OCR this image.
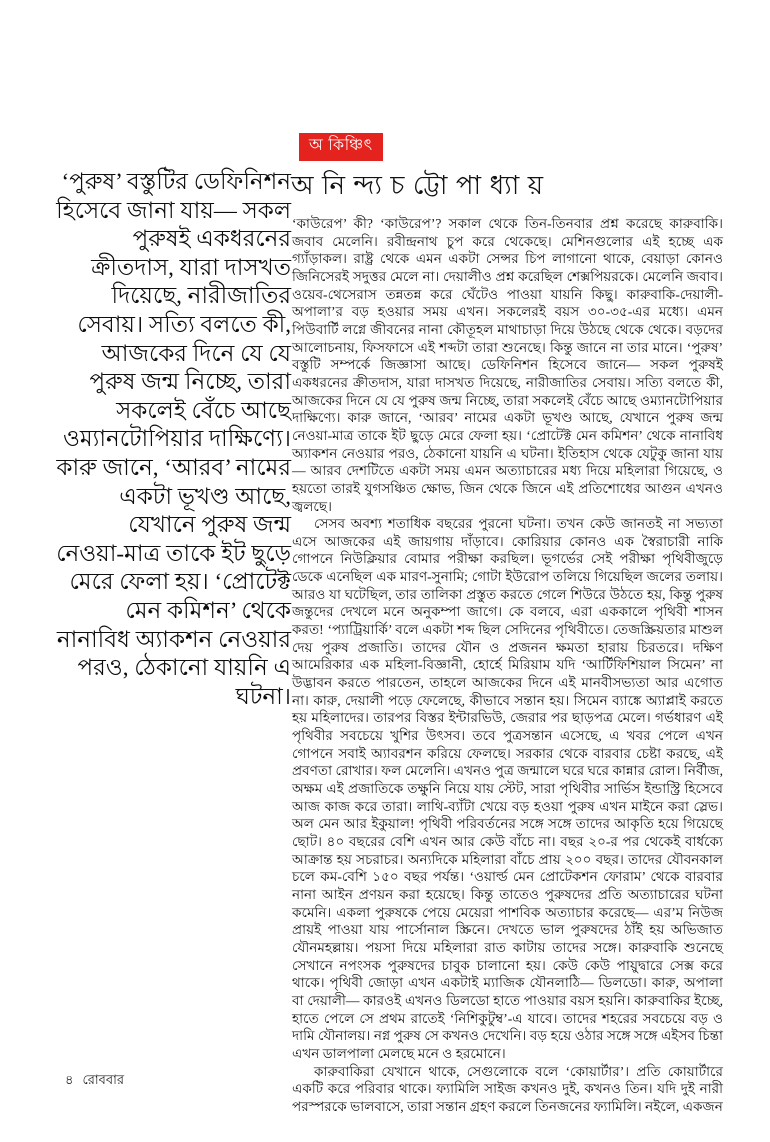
অ কিঞ্চিৎ
অ নি ন্দ্য চ ট্টো পা ধ্যা য়
‘পুরুষ’ বস্তুটির ডেফিনিশন হিসেবে জানা যায়— সকল পুরুষই একধরনের ক্রীতদাস, যারা দাসখত দিয়েছে, নারীজাতির সেবায়। সত্যি বলতে কী, আজকের দিনে যে যে পুরুষ জন্ম নিচ্ছে, তারা সকলেই বেঁচে আছে ওম্যানটোপিয়ার দাক্ষিণ্যে। কারু জানে, ‘আরব’ নামের একটা ভূখণ্ড আছে, যেখানে পুরুষ জন্ম নেওয়া-মাত্র তাকে ইট ছুড়ে মেরে ফেলা হয়। ‘প্রোটেক্ট মেন কমিশন’ থেকে নানাবিধ অ্যাকশন নেওয়ার পরও, ঠেকানো যায়নি এ ঘটনা।

‘কাউরেপ’ কী? ‘কাউরেপ’? সকাল থেকে তিন-তিনবার প্রশ্ন করেছে কারুবাকি। জবাব মেলেনি। রবীন্দ্রনাথ চুপ করে থেকেছে। মেশিনগুলোর এই হচ্ছে এক গ্যাঁড়াকল। রাষ্ট্র থেকে এমন একটা সেন্সর চিপ লাগানো থাকে, বেয়াড়া কোনও জিনিসেরই সদুত্তর মেলে না। দেয়ালীও প্রশ্ন করেছিল শেক্সপিয়রকে। মেলেনি জবাব। ওয়েব-থেসেরাস তন্নতন্ন করে ঘেঁটেও পাওয়া যায়নি কিছু। কারুবাকি-দেয়ালী-অপালা’র বড় হওয়ার সময় এখন। সকলেরই বয়স ৩০-৩৫-এর মধ্যে। এমন পিউবার্টি লগ্নে জীবনের নানা কৌতূহল মাথাচাড়া দিয়ে উঠছে থেকে থেকে। বড়দের আলোচনায়, ফিসফাসে এই শব্দটা তারা শুনেছে। কিন্তু জানে না তার মানে। ‘পুরুষ’ বস্তুটি সম্পর্কে জিজ্ঞাসা আছে। ডেফিনিশন হিসেবে জানে— সকল পুরুষই একধরনের ক্রীতদাস, যারা দাসখত দিয়েছে, নারীজাতির সেবায়। সত্যি বলতে কী, আজকের দিনে যে যে পুরুষ জন্ম নিচ্ছে, তারা সকলেই বেঁচে আছে ওম্যানটোপিয়ার দাক্ষিণ্যে। কারু জানে, ‘আরব’ নামের একটা ভূখণ্ড আছে, যেখানে পুরুষ জন্ম নেওয়া-মাত্র তাকে ইট ছুড়ে মেরে ফেলা হয়। ‘প্রোটেক্ট মেন কমিশন’ থেকে নানাবিধ অ্যাকশন নেওয়ার পরও, ঠেকানো যায়নি এ ঘটনা। ইতিহাস থেকে যেটুকু জানা যায়— আরব দেশটিতে একটা সময় এমন অত্যাচারের মধ্য দিয়ে মহিলারা গিয়েছে, ও হয়তো তারই যুগসঞ্চিত ক্ষোভ, জিন থেকে জিনে এই প্রতিশোধের আগুন এখনও জ্বলছে।

সেসব অবশ্য শতাধিক বছরের পুরনো ঘটনা। তখন কেউ জানতই না সভ্যতা এসে আজকের এই জায়গায় দাঁড়াবে। কোরিয়ার কোনও এক স্বৈরাচারী নাকি গোপনে নিউক্লিয়ার বোমার পরীক্ষা করছিল। ভূগর্ভের সেই পরীক্ষা পৃথিবীজুড়ে ডেকে এনেছিল এক মারণ-সুনামি; গোটা ইউরোপ তলিয়ে গিয়েছিল জলের তলায়। আরও যা ঘটেছিল, তার তালিকা প্রস্তুত করতে গেলে শিউরে উঠতে হয়, কিন্তু পুরুষ জন্তুদের দেখলে মনে অনুকম্পা জাগে। কে বলবে, এরা এককালে পৃথিবী শাসন করত! ‘প্যাট্রিয়ার্কি’ বলে একটা শব্দ ছিল সেদিনের পৃথিবীতে। তেজস্ক্রিয়তার মাশুল দেয় পুরুষ প্রজাতি। তাদের যৌন ও প্রজনন ক্ষমতা হারায় চিরতরে। দক্ষিণ আমেরিকার এক মহিলা-বিজ্ঞানী, হোর্হে মিরিয়াম যদি ‘আর্টিফিশিয়াল সিমেন’ না উদ্ভাবন করতে পারতেন, তাহলে আজকের দিনে এই মানবীসভ্যতা আর এগোত না। কারু, দেয়ালী পড়ে ফেলেছে, কীভাবে সন্তান হয়। সিমেন ব্যাঙ্কে অ্যাপ্লাই করতে হয় মহিলাদের। তারপর বিস্তর ইন্টারভিউ, জেরার পর ছাড়পত্র মেলে। গর্ভধারণ এই পৃথিবীর সবচেয়ে খুশির উৎসব। তবে পুত্রসন্তান এসেছে, এ খবর পেলে এখন গোপনে সবাই অ্যাবরশন করিয়ে ফেলছে। সরকার থেকে বারবার চেষ্টা করছে, এই প্রবণতা রোখার। ফল মেলেনি। এখনও পুত্র জন্মালে ঘরে ঘরে কান্নার রোল। নির্বীজ, অক্ষম এই প্রজাতিকে তক্ষুনি নিয়ে যায় স্টেট, সারা পৃথিবীর সার্ভিস ইন্ডাস্ট্রি হিসেবে আজ কাজ করে তারা। লাথি-ব্যাঁটা খেয়ে বড় হওয়া পুরুষ এখন মাইনে করা স্লেভ। অল মেন আর ইকুয়াল! পৃথিবী পরিবর্তনের সঙ্গে সঙ্গে তাদের আকৃতি হয়ে গিয়েছে ছোট। ৪০ বছরের বেশি এখন আর কেউ বাঁচে না। বছর ২০-র পর থেকেই বার্ধক্যে আক্রান্ত হয় সচরাচর। অন্যদিকে মহিলারা বাঁচে প্রায় ২০০ বছর। তাদের যৌবনকাল চলে কম-বেশি ১৫০ বছর পর্যন্ত। ‘ওয়ার্ল্ড মেন প্রোটেকশন ফোরাম’ থেকে বারবার নানা আইন প্রণয়ন করা হয়েছে। কিন্তু তাতেও পুরুষদের প্রতি অত্যাচারের ঘটনা কমেনি। একলা পুরুষকে পেয়ে মেয়েরা পাশবিক অত্যাচার করেছে— এর’ম নিউজ প্রায়ই পাওয়া যায় পার্সোনাল স্ক্রিনে। দেখতে ভাল পুরুষদের ঠাঁই হয় অভিজাত যৌনমহল্লায়। পয়সা দিয়ে মহিলারা রাত কাটায় তাদের সঙ্গে। কারুবাকি শুনেছে সেখানে নপংসক পুরুষদের চাবুক চালানো হয়। কেউ কেউ পায়ুদ্বারে সেক্স করে থাকে। পৃথিবী জোড়া এখন একটাই ম্যাজিক যৌনলাঠি— ডিলডো। কারু, অপালা বা দেয়ালী— কারওই এখনও ডিলডো হাতে পাওয়ার বয়স হয়নি। কারুবাকির ইচ্ছে, হাতে পেলে সে প্রথম রাতেই ‘নিশিকুটুম্ব’-এ যাবে। তাদের শহরের সবচেয়ে বড় ও দামি যৌনালয়। নগ্ন পুরুষ সে কখনও দেখেনি। বড় হয়ে ওঠার সঙ্গে সঙ্গে এইসব চিন্তা এখন ডালপালা মেলছে মনে ও হরমোনে।

কারুবাকিরা যেখানে থাকে, সেগুলোকে বলে ‘কোয়ার্টার’। প্রতি কোয়ার্টারে একটি করে পরিবার থাকে। ফ্যামিলি সাইজ কখনও দুই, কখনও তিন। যদি দুই নারী পরস্পরকে ভালবাসে, তারা সন্তান গ্রহণ করলে তিনজনের ফ্যামিলি। নইলে, একজন

৪ রোববার
